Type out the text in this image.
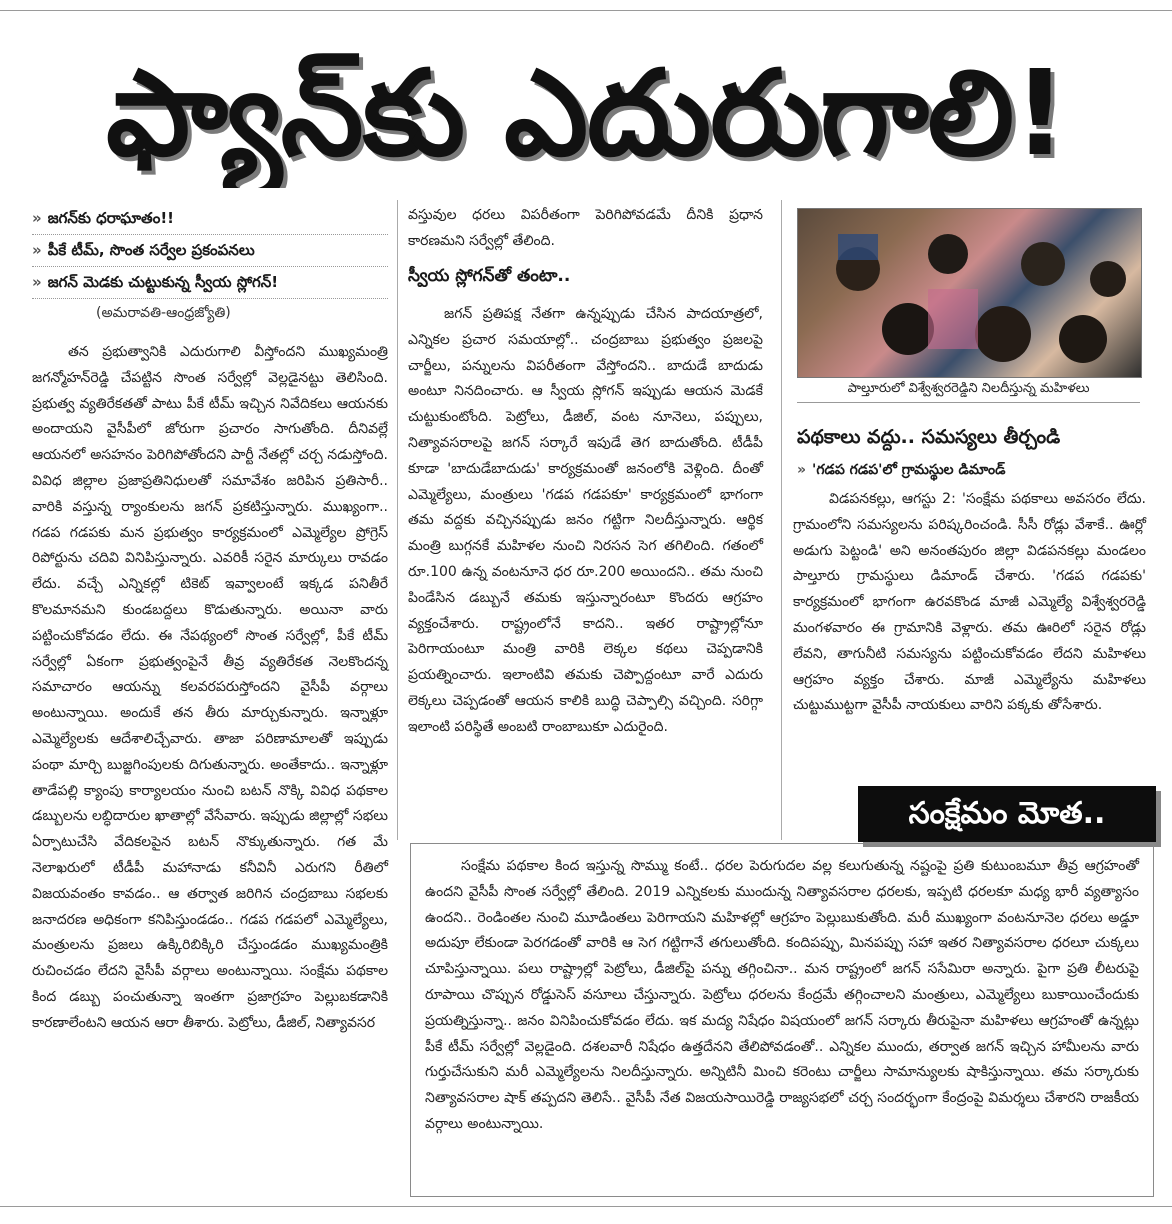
ఫ్యాన్‌కు ఎదురుగాలి!
» జగన్‌కు ధరాఘాతం!!
» పీకే టీమ్, సొంత సర్వేల ప్రకంపనలు
» జగన్ మెడకు చుట్టుకున్న స్వీయ స్లోగన్!
(అమరావతి-ఆంధ్రజ్యోతి)

తన ప్రభుత్వానికి ఎదురుగాలి వీస్తోందని ముఖ్యమంత్రి జగన్మోహన్‌రెడ్డి చేపట్టిన సొంత సర్వేల్లో వెల్లడైనట్టు తెలిసింది. ప్రభుత్వ వ్యతిరేకతతో పాటు పీకే టీమ్ ఇచ్చిన నివేదికలు ఆయనకు అందాయని వైసీపీలో జోరుగా ప్రచారం సాగుతోంది. దీనివల్లే ఆయనలో అసహనం పెరిగిపోతోందని పార్టీ నేతల్లో చర్చ నడుస్తోంది. వివిధ జిల్లాల ప్రజాప్రతినిధులతో సమావేశం జరిపిన ప్రతిసారీ.. వారికి వస్తున్న ర్యాంకులను జగన్ ప్రకటిస్తున్నారు. ముఖ్యంగా.. గడప గడపకు మన ప్రభుత్వం కార్యక్రమంలో ఎమ్మెల్యేల ప్రోగ్రెస్ రిపోర్టును చదివి వినిపిస్తున్నారు. ఎవరికీ సరైన మార్కులు రావడం లేదు. వచ్చే ఎన్నికల్లో టికెట్ ఇవ్వాలంటే ఇక్కడ పనితీరే కొలమానమని కుండబద్దలు కొడుతున్నారు. అయినా వారు పట్టించుకోవడం లేదు. ఈ నేపథ్యంలో సొంత సర్వేల్లో, పీకే టీమ్ సర్వేల్లో ఏకంగా ప్రభుత్వంపైనే తీవ్ర వ్యతిరేకత నెలకొందన్న సమాచారం ఆయన్ను కలవరపరుస్తోందని వైసీపీ వర్గాలు అంటున్నాయి. అందుకే తన తీరు మార్చుకున్నారు. ఇన్నాళ్లూ ఎమ్మెల్యేలకు ఆదేశాలిచ్చేవారు. తాజా పరిణామాలతో ఇప్పుడు పంథా మార్చి బుజ్జగింపులకు దిగుతున్నారు. అంతేకాదు.. ఇన్నాళ్లూ తాడేపల్లి క్యాంపు కార్యాలయం నుంచి బటన్ నొక్కి వివిధ పథకాల డబ్బులను లబ్ధిదారుల ఖాతాల్లో వేసేవారు. ఇప్పుడు జిల్లాల్లో సభలు ఏర్పాటుచేసి వేదికలపైన బటన్ నొక్కుతున్నారు. గత మే నెలాఖరులో టీడీపీ మహానాడు కనీవినీ ఎరుగని రీతిలో విజయవంతం కావడం.. ఆ తర్వాత జరిగిన చంద్రబాబు సభలకు జనాదరణ అధికంగా కనిపిస్తుండడం.. గడప గడపలో ఎమ్మెల్యేలు, మంత్రులను ప్రజలు ఉక్కిరిబిక్కిరి చేస్తుండడం ముఖ్యమంత్రికి రుచించడం లేదని వైసీపీ వర్గాలు అంటున్నాయి. సంక్షేమ పథకాల కింద డబ్బు పంచుతున్నా ఇంతగా ప్రజాగ్రహం పెల్లుబకడానికి కారణాలేంటని ఆయన ఆరా తీశారు. పెట్రోలు, డీజిల్, నిత్యావసర

వస్తువుల ధరలు విపరీతంగా పెరిగిపోవడమే దీనికి ప్రధాన కారణమని సర్వేల్లో తేలింది.

స్వీయ స్లోగన్‌తో తంటా..

జగన్ ప్రతిపక్ష నేతగా ఉన్నప్పుడు చేసిన పాదయాత్రలో, ఎన్నికల ప్రచార సమయాల్లో.. చంద్రబాబు ప్రభుత్వం ప్రజలపై చార్జీలు, పన్నులను విపరీతంగా వేస్తోందని.. బాదుడే బాదుడు అంటూ నినదించారు. ఆ స్వీయ స్లోగన్ ఇప్పుడు ఆయన మెడకే చుట్టుకుంటోంది. పెట్రోలు, డీజిల్, వంట నూనెలు, పప్పులు, నిత్యావసరాలపై జగన్ సర్కారే ఇపుడే తెగ బాదుతోంది. టీడీపీ కూడా 'బాదుడేబాదుడు' కార్యక్రమంతో జనంలోకి వెళ్లింది. దీంతో ఎమ్మెల్యేలు, మంత్రులు 'గడప గడపకూ' కార్యక్రమంలో భాగంగా తమ వద్దకు వచ్చినప్పుడు జనం గట్టిగా నిలదీస్తున్నారు. ఆర్థిక మంత్రి బుగ్గనకే మహిళల నుంచి నిరసన సెగ తగిలింది. గతంలో రూ.100 ఉన్న వంటనూనె ధర రూ.200 అయిందని.. తమ నుంచి పిండేసిన డబ్బునే తమకు ఇస్తున్నారంటూ కొందరు ఆగ్రహం వ్యక్తంచేశారు. రాష్ట్రంలోనే కాదని.. ఇతర రాష్ట్రాల్లోనూ పెరిగాయంటూ మంత్రి వారికి లెక్కల కథలు చెప్పడానికి ప్రయత్నించారు. ఇలాంటివి తమకు చెప్పొద్దంటూ వారే ఎదురు లెక్కలు చెప్పడంతో ఆయన కాలికి బుద్ధి చెప్పాల్సి వచ్చింది. సరిగ్గా ఇలాంటి పరిస్థితే అంబటి రాంబాబుకూ ఎదురైంది.

పాల్తూరులో విశ్వేశ్వరరెడ్డిని నిలదీస్తున్న మహిళలు
పథకాలు వద్దు.. సమస్యలు తీర్చండి
» 'గడప గడప'లో గ్రామస్థుల డిమాండ్

విడపనకల్లు, ఆగస్టు 2: 'సంక్షేమ పథకాలు అవసరం లేదు. గ్రామంలోని సమస్యలను పరిష్కరించండి. సీసీ రోడ్లు వేశాకే.. ఊర్లో అడుగు పెట్టండి' అని అనంతపురం జిల్లా విడపనకల్లు మండలం పాల్తూరు గ్రామస్థులు డిమాండ్ చేశారు. 'గడప గడపకు' కార్యక్రమంలో భాగంగా ఉరవకొండ మాజీ ఎమ్మెల్యే విశ్వేశ్వరరెడ్డి మంగళవారం ఈ గ్రామానికి వెళ్లారు. తమ ఊరిలో సరైన రోడ్లు లేవని, తాగునీటి సమస్యను పట్టించుకోవడం లేదని మహిళలు ఆగ్రహం వ్యక్తం చేశారు. మాజీ ఎమ్మెల్యేను మహిళలు చుట్టుముట్టగా వైసీపీ నాయకులు వారిని పక్కకు తోసేశారు.

సంక్షేమం మోత..

సంక్షేమ పథకాల కింద ఇస్తున్న సొమ్ము కంటే.. ధరల పెరుగుదల వల్ల కలుగుతున్న నష్టంపై ప్రతి కుటుంబమూ తీవ్ర ఆగ్రహంతో ఉందని వైసీపీ సొంత సర్వేల్లో తేలింది. 2019 ఎన్నికలకు ముందున్న నిత్యావసరాల ధరలకు, ఇప్పటి ధరలకూ మధ్య భారీ వ్యత్యాసం ఉందని.. రెండింతల నుంచి మూడింతలు పెరిగాయని మహిళల్లో ఆగ్రహం పెల్లుబుకుతోంది. మరీ ముఖ్యంగా వంటనూనెల ధరలు అడ్డూ అదుపూ లేకుండా పెరగడంతో వారికి ఆ సెగ గట్టిగానే తగులుతోంది. కందిపప్పు, మినపప్పు సహా ఇతర నిత్యావసరాల ధరలూ చుక్కలు చూపిస్తున్నాయి. పలు రాష్ట్రాల్లో పెట్రోలు, డీజిల్‌పై పన్ను తగ్గించినా.. మన రాష్ట్రంలో జగన్ ససేమిరా అన్నారు. పైగా ప్రతి లీటరుపై రూపాయి చొప్పున రోడ్డుసెస్ వసూలు చేస్తున్నారు. పెట్రోలు ధరలను కేంద్రమే తగ్గించాలని మంత్రులు, ఎమ్మెల్యేలు బుకాయించేందుకు ప్రయత్నిస్తున్నా.. జనం వినిపించుకోవడం లేదు. ఇక మద్య నిషేధం విషయంలో జగన్ సర్కారు తీరుపైనా మహిళలు ఆగ్రహంతో ఉన్నట్లు పీకే టీమ్ సర్వేల్లో వెల్లడైంది. దశలవారీ నిషేధం ఉత్తదేనని తేలిపోవడంతో.. ఎన్నికల ముందు, తర్వాత జగన్ ఇచ్చిన హామీలను వారు గుర్తుచేసుకుని మరీ ఎమ్మెల్యేలను నిలదీస్తున్నారు. అన్నిటినీ మించి కరెంటు చార్జీలు సామాన్యులకు షాకిస్తున్నాయి. తమ సర్కారుకు నిత్యావసరాల షాక్ తప్పదని తెలిసే.. వైసీపీ నేత విజయసాయిరెడ్డి రాజ్యసభలో చర్చ సందర్భంగా కేంద్రంపై విమర్శలు చేశారని రాజకీయ వర్గాలు అంటున్నాయి.
